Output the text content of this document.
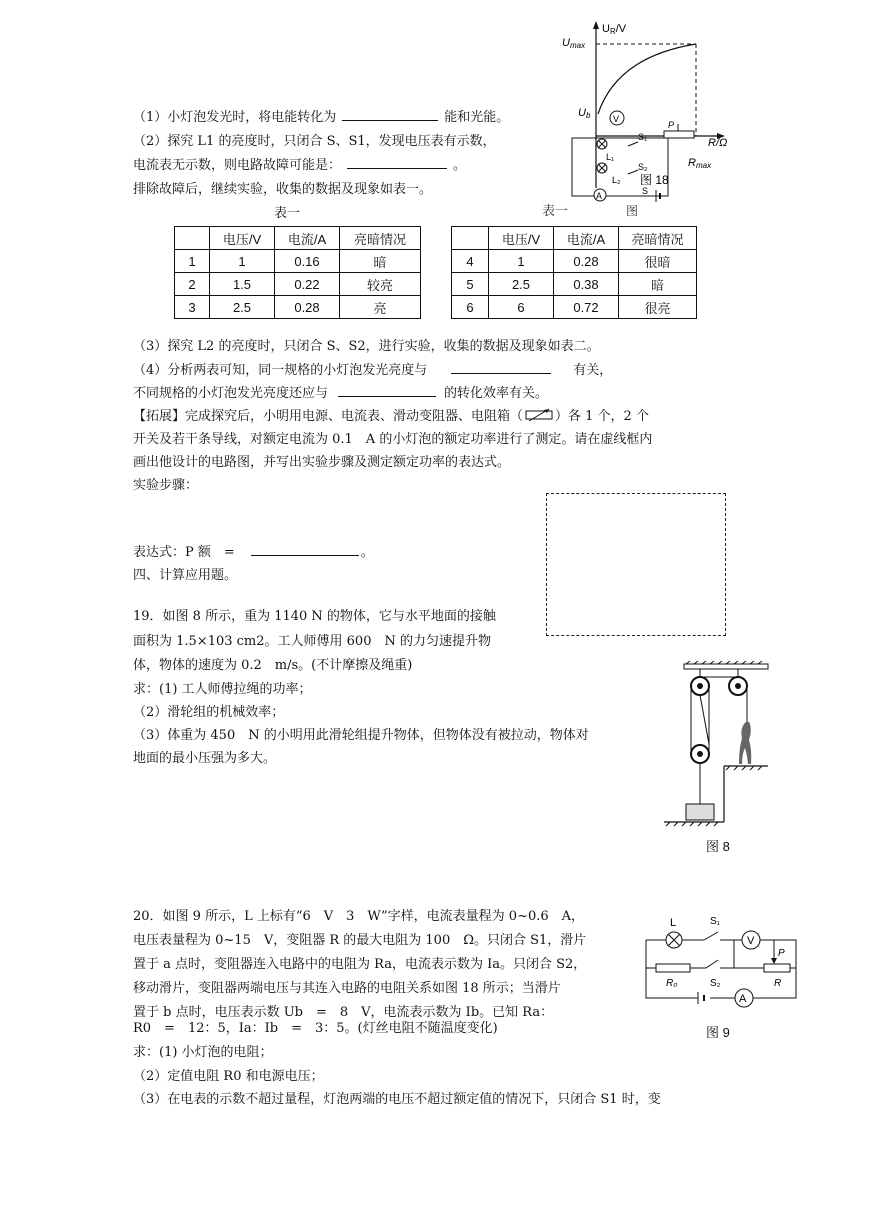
UR/V
Umax
Ub
R/Ω
Rmax
V
S₁
S₂
L₁
L₂
P
A	S
图 18
图
（1）小灯泡发光时，将电能转化为	能和光能。
（2）探究 L1 的亮度时，只闭合 S、S1，发现电压表有示数，
电流表无示数，则电路故障可能是：	。
排除故障后，继续实验，收集的数据及现象如表一。
表一	表一
	电压/V	电流/A	亮暗情况
1	1	0.16	暗
2	1.5	0.22	较亮
3	2.5	0.28	亮
	电压/V	电流/A	亮暗情况
4	1	0.28	很暗
5	2.5	0.38	暗
6	6	0.72	很亮
（3）探究 L2 的亮度时，只闭合 S、S2，进行实验，收集的数据及现象如表二。
（4）分析两表可知，同一规格的小灯泡发光亮度与	有关，
不同规格的小灯泡发光亮度还应与	的转化效率有关。
【拓展】完成探究后，小明用电源、电流表、滑动变阻器、电阻箱（ ）各 1 个，2 个
开关及若干条导线，对额定电流为 0.1　A 的小灯泡的额定功率进行了测定。请在虚线框内
画出他设计的电路图，并写出实验步骤及测定额定功率的表达式。
实验步骤：
表达式：P 额　=	。
四、计算应用题。
19．如图 8 所示，重为 1140 N 的物体，它与水平地面的接触
面积为 1.5×103 cm2。工人师傅用 600　N 的力匀速提升物
体，物体的速度为 0.2　m/s。(不计摩擦及绳重)
求：(1) 工人师傅拉绳的功率；
（2）滑轮组的机械效率；
（3）体重为 450　N 的小明用此滑轮组提升物体，但物体没有被拉动，物体对
地面的最小压强为多大。
图 8
20．如图 9 所示，L 上标有“6　V　3　W”字样，电流表量程为 0~0.6　A，
电压表量程为 0~15　V，变阻器 R 的最大电阻为 100　Ω。只闭合 S1，滑片
置于 a 点时，变阻器连入电路中的电阻为 Ra，电流表示数为 Ia。只闭合 S2，
移动滑片，变阻器两端电压与其连入电路的电阻关系如图 18 所示；当滑片
置于 b 点时，电压表示数 Ub　=　8　V，电流表示数为 Ib。已知 Ra：
R0　=　12：5，Ia：Ib　=　3：5。(灯丝电阻不随温度变化)
求：(1) 小灯泡的电阻；
（2）定值电阻 R0 和电源电压；
（3）在电表的示数不超过量程，灯泡两端的电压不超过额定值的情况下，只闭合 S1 时，变
A
L	S₁
R₀	S₂
V
P
R
图 9
